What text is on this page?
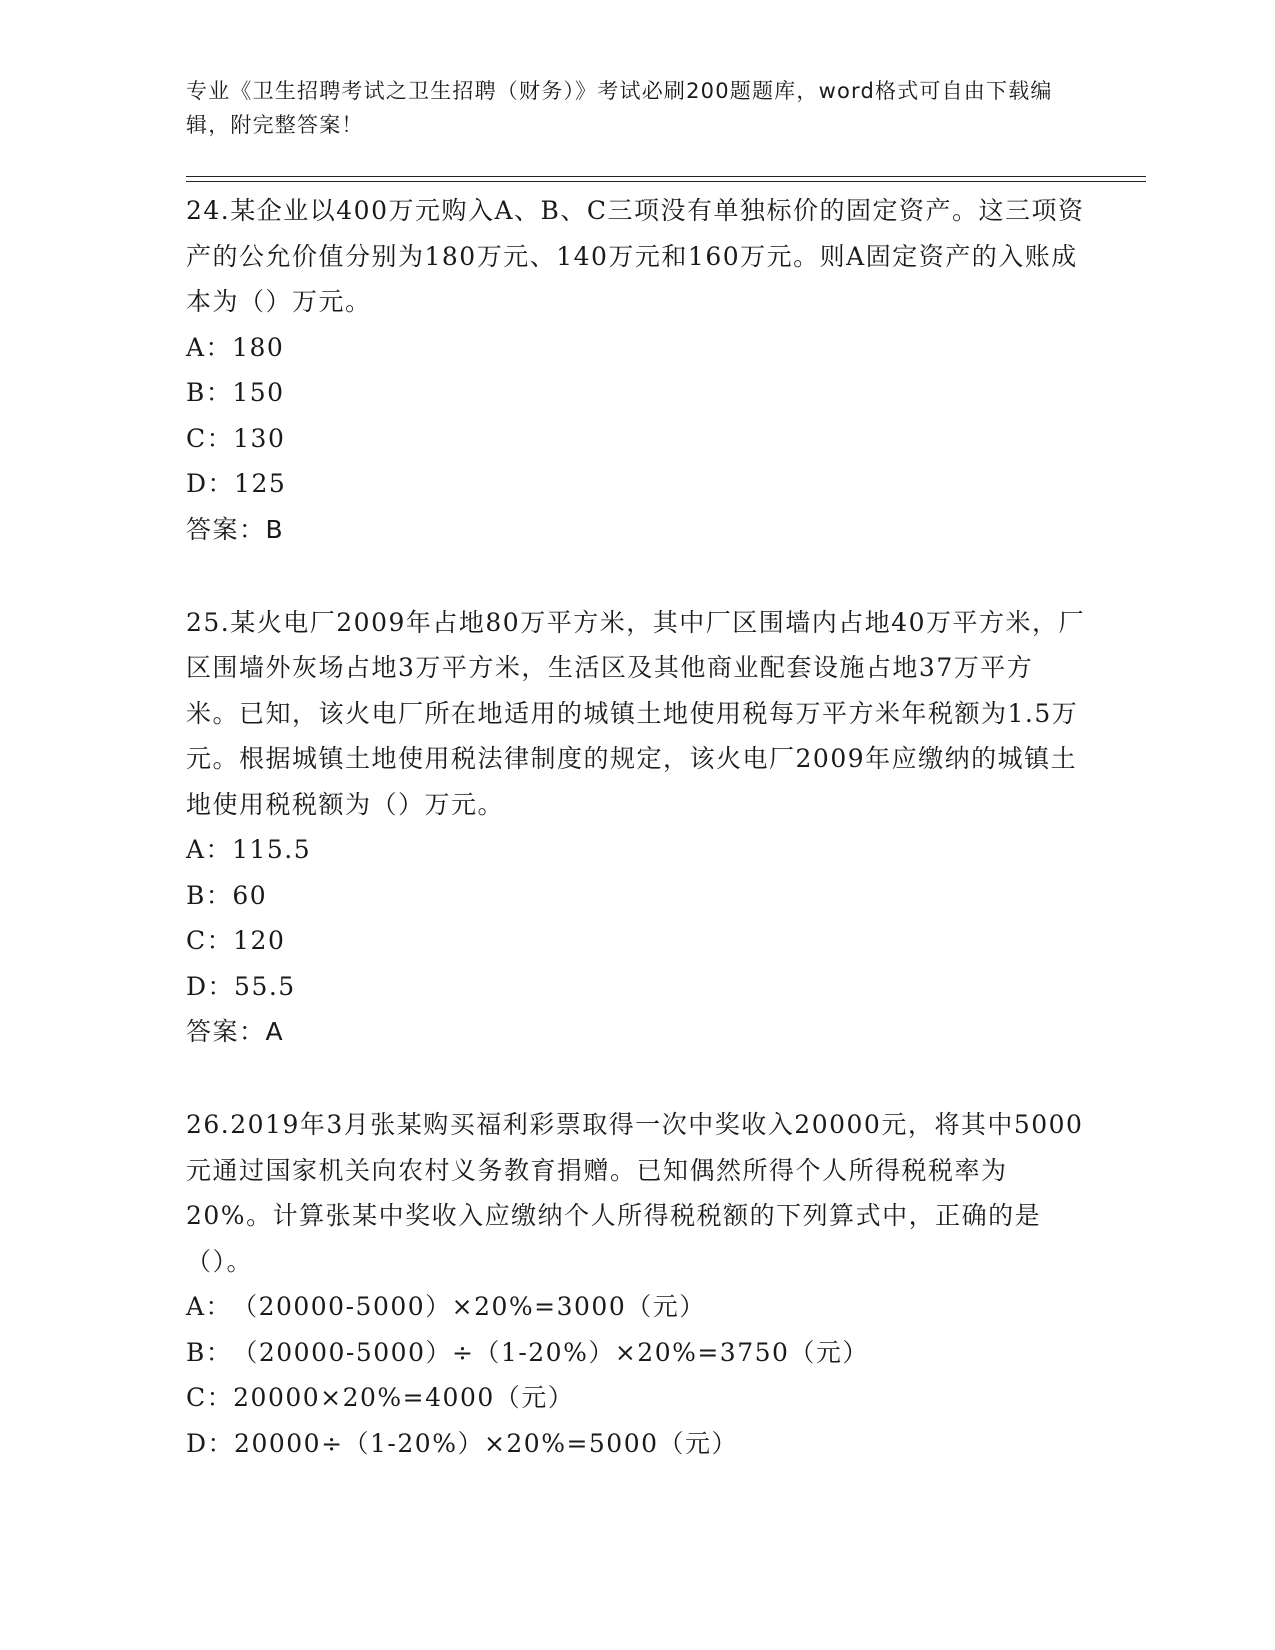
专业《卫生招聘考试之卫生招聘（财务）》考试必刷200题题库，word格式可自由下载编辑，附完整答案！
24.某企业以400万元购入A、B、C三项没有单独标价的固定资产。这三项资产的公允价值分别为180万元、140万元和160万元。则A固定资产的入账成本为（）万元。
A：180
B：150
C：130
D：125
答案：B
25.某火电厂2009年占地80万平方米，其中厂区围墙内占地40万平方米，厂区围墙外灰场占地3万平方米，生活区及其他商业配套设施占地37万平方米。已知，该火电厂所在地适用的城镇土地使用税每万平方米年税额为1.5万元。根据城镇土地使用税法律制度的规定，该火电厂2009年应缴纳的城镇土地使用税税额为（）万元。
A：115.5
B：60
C：120
D：55.5
答案：A
26.2019年3月张某购买福利彩票取得一次中奖收入20000元，将其中5000元通过国家机关向农村义务教育捐赠。已知偶然所得个人所得税税率为20%。计算张某中奖收入应缴纳个人所得税税额的下列算式中，正确的是（）。
A：（20000-5000）×20%=3000（元）
B：（20000-5000）÷（1-20%）×20%=3750（元）
C：20000×20%=4000（元）
D：20000÷（1-20%）×20%=5000（元）
